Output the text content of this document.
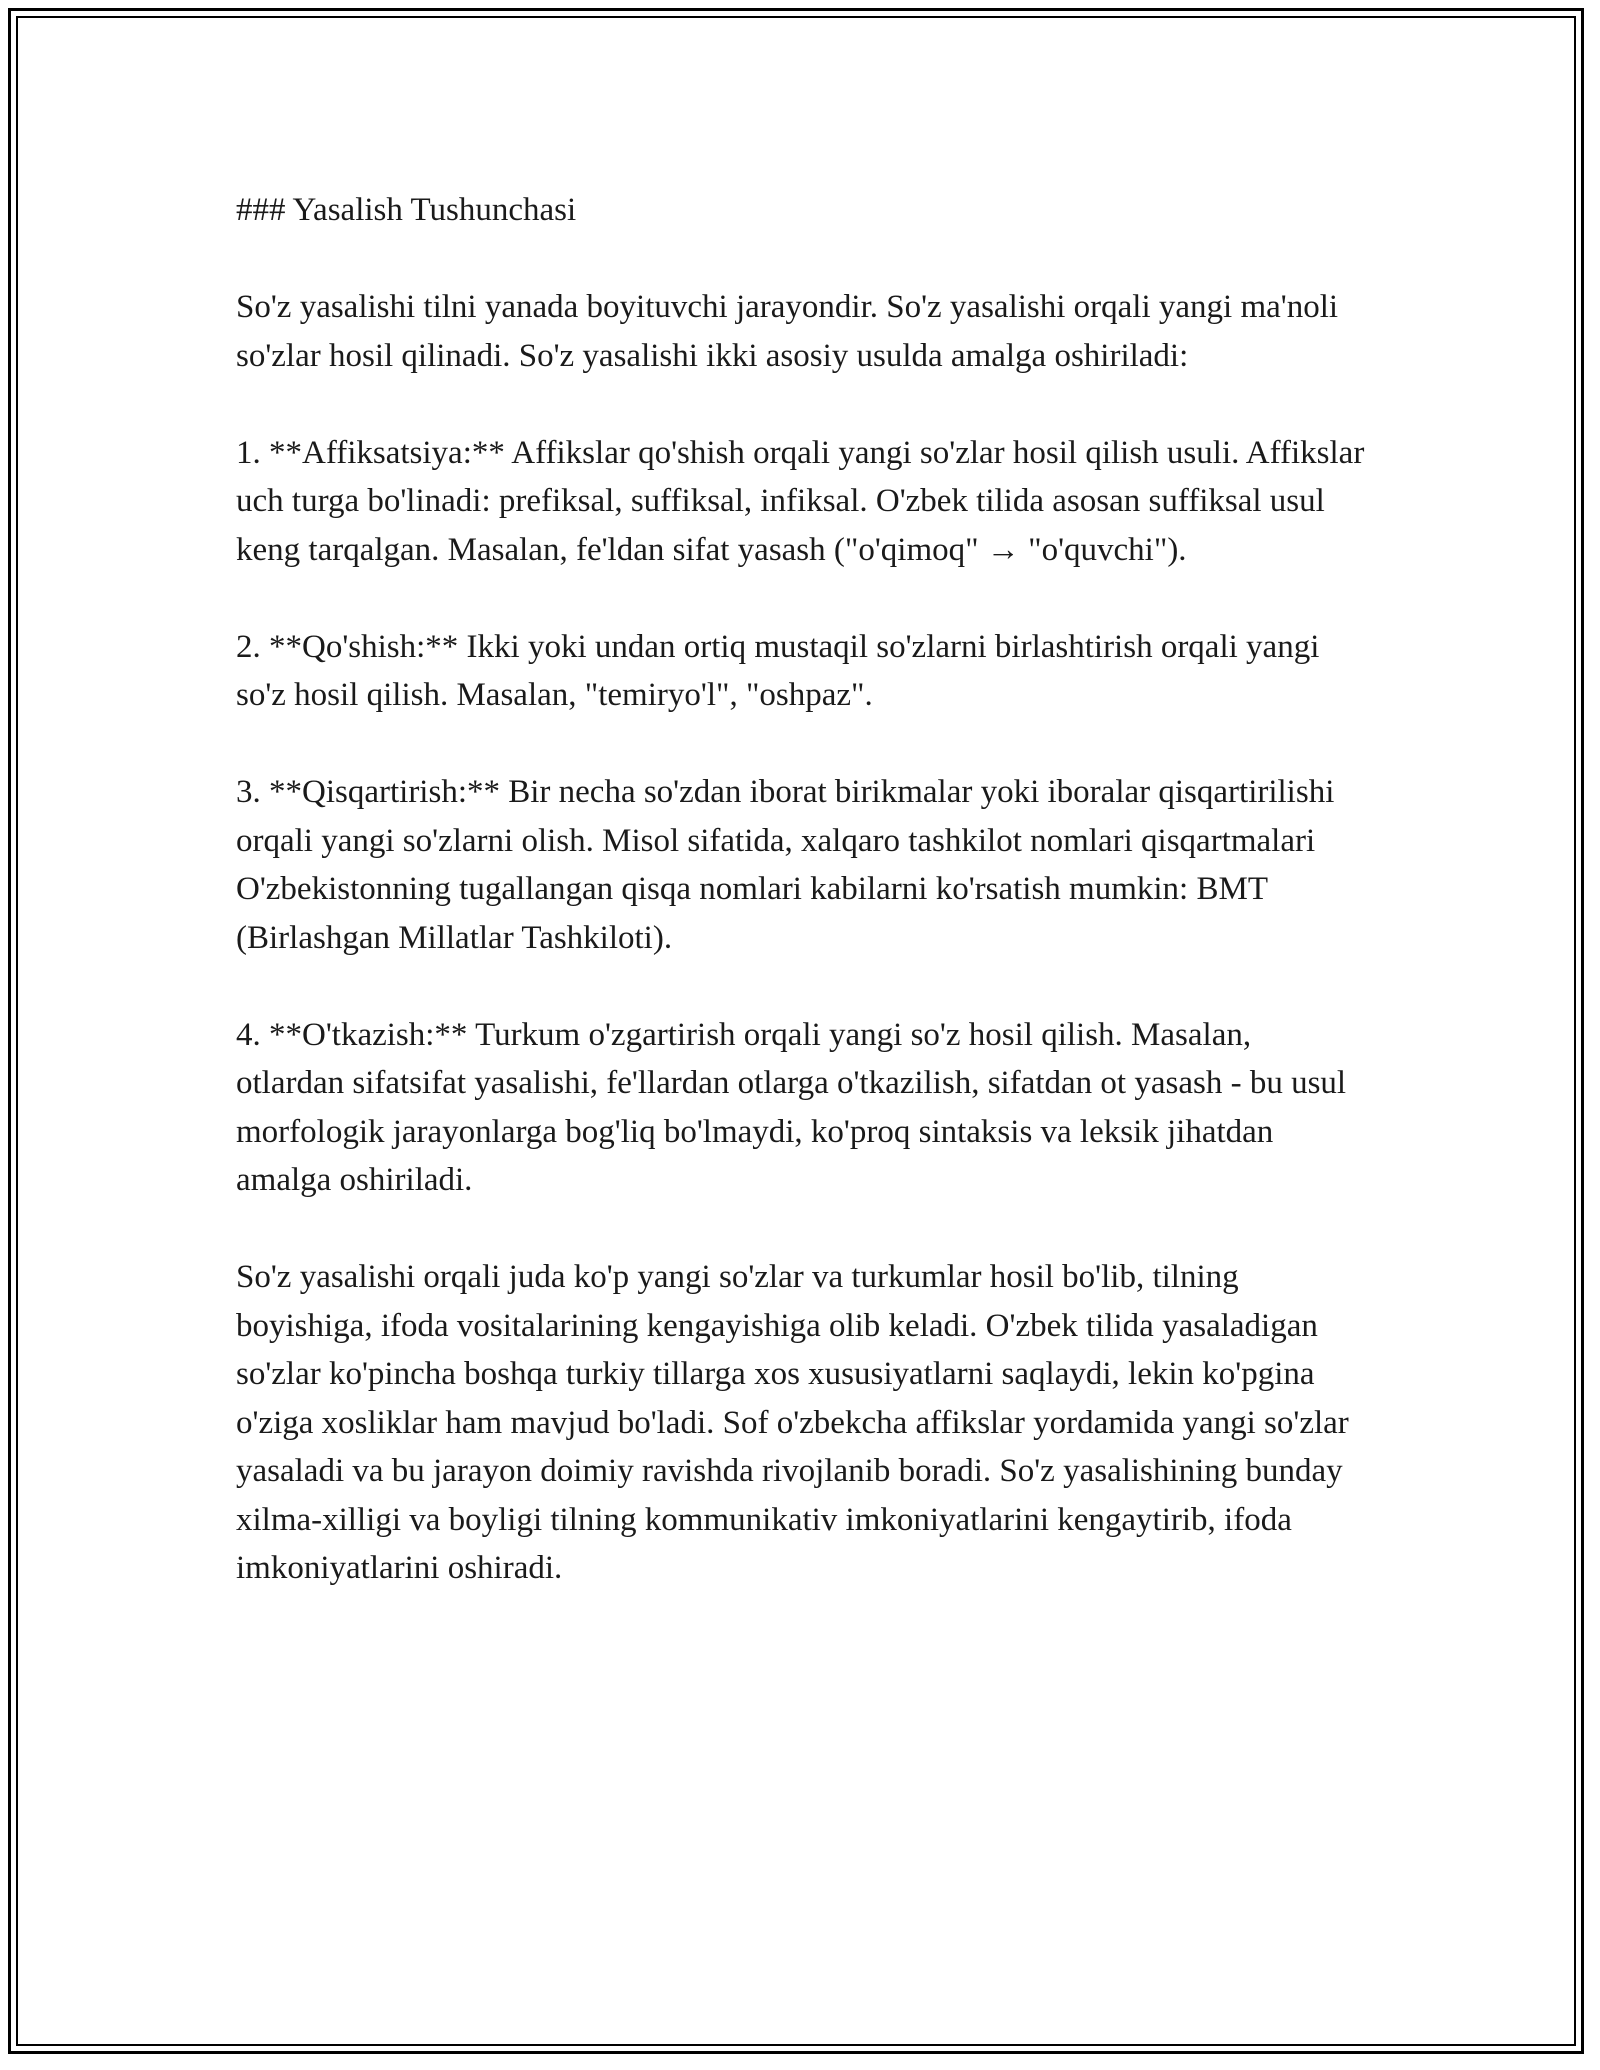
### Yasalish Tushunchasi

So'z yasalishi tilni yanada boyituvchi jarayondir. So'z yasalishi orqali yangi ma'noli so'zlar hosil qilinadi. So'z yasalishi ikki asosiy usulda amalga oshiriladi:

1. **Affiksatsiya:** Affikslar qo'shish orqali yangi so'zlar hosil qilish usuli. Affikslar uch turga bo'linadi: prefiksal, suffiksal, infiksal. O'zbek tilida asosan suffiksal usul keng tarqalgan. Masalan, fe'ldan sifat yasash ("o'qimoq" → "o'quvchi").

2. **Qo'shish:** Ikki yoki undan ortiq mustaqil so'zlarni birlashtirish orqali yangi so'z hosil qilish. Masalan, "temiryo'l", "oshpaz".

3. **Qisqartirish:** Bir necha so'zdan iborat birikmalar yoki iboralar qisqartirilishi orqali yangi so'zlarni olish. Misol sifatida, xalqaro tashkilot nomlari qisqartmalari O'zbekistonning tugallangan qisqa nomlari kabilarni ko'rsatish mumkin: BMT (Birlashgan Millatlar Tashkiloti).

4. **O'tkazish:** Turkum o'zgartirish orqali yangi so'z hosil qilish. Masalan, otlardan sifatsifat yasalishi, fe'llardan otlarga o'tkazilish, sifatdan ot yasash - bu usul morfologik jarayonlarga bog'liq bo'lmaydi, ko'proq sintaksis va leksik jihatdan amalga oshiriladi.

So'z yasalishi orqali juda ko'p yangi so'zlar va turkumlar hosil bo'lib, tilning boyishiga, ifoda vositalarining kengayishiga olib keladi. O'zbek tilida yasaladigan so'zlar ko'pincha boshqa turkiy tillarga xos xususiyatlarni saqlaydi, lekin ko'pgina o'ziga xosliklar ham mavjud bo'ladi. Sof o'zbekcha affikslar yordamida yangi so'zlar yasaladi va bu jarayon doimiy ravishda rivojlanib boradi. So'z yasalishining bunday xilma-xilligi va boyligi tilning kommunikativ imkoniyatlarini kengaytirib, ifoda imkoniyatlarini oshiradi.
